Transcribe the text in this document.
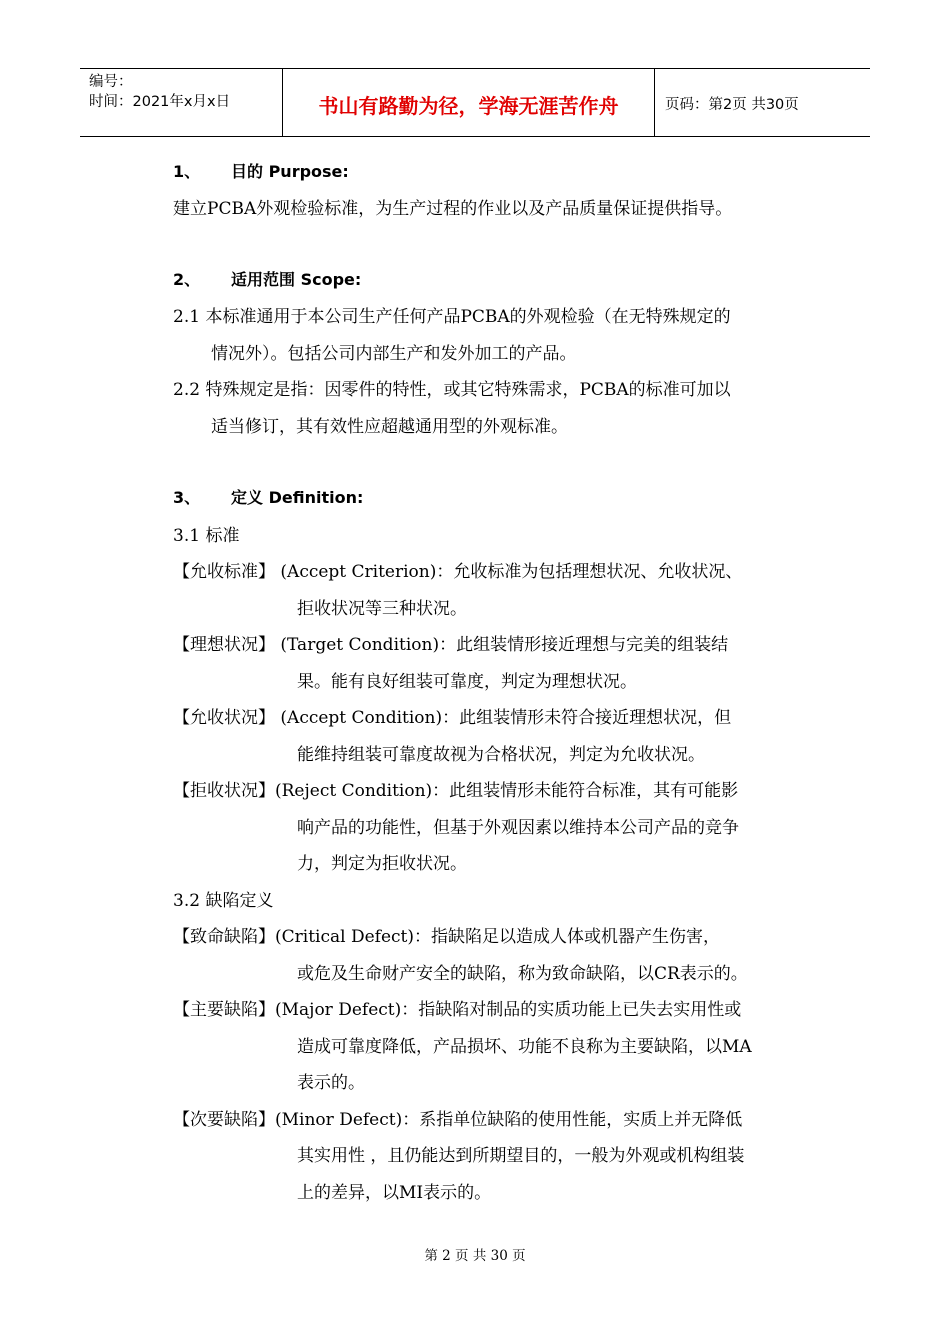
编号：
时间：2021年x月x日	书山有路勤为径，学海无涯苦作舟	页码：第2页 共30页
1、 目的 Purpose:
建立PCBA外观检验标准，为生产过程的作业以及产品质量保证提供指导。
2、 适用范围 Scope:
2.1 本标准通用于本公司生产任何产品PCBA的外观检验（在无特殊规定的
情况外）。包括公司内部生产和发外加工的产品。
2.2 特殊规定是指：因零件的特性，或其它特殊需求，PCBA的标准可加以
适当修订，其有效性应超越通用型的外观标准。
3、 定义 Definition:
3.1 标准
【允收标准】 (Accept Criterion)：允收标准为包括理想状况、允收状况、
拒收状况等三种状况。
【理想状况】 (Target Condition)：此组装情形接近理想与完美的组装结
果。能有良好组装可靠度，判定为理想状况。
【允收状况】 (Accept Condition)：此组装情形未符合接近理想状况，但
能维持组装可靠度故视为合格状况，判定为允收状况。
【拒收状况】(Reject Condition)：此组装情形未能符合标准，其有可能影
响产品的功能性，但基于外观因素以维持本公司产品的竞争
力，判定为拒收状况。
3.2 缺陷定义
【致命缺陷】(Critical Defect)：指缺陷足以造成人体或机器产生伤害，
或危及生命财产安全的缺陷，称为致命缺陷，以CR表示的。
【主要缺陷】(Major Defect)：指缺陷对制品的实质功能上已失去实用性或
造成可靠度降低，产品损坏、功能不良称为主要缺陷，以MA
表示的。
【次要缺陷】(Minor Defect)：系指单位缺陷的使用性能，实质上并无降低
其实用性 ，且仍能达到所期望目的，一般为外观或机构组装
上的差异，以MI表示的。
第 2 页 共 30 页
